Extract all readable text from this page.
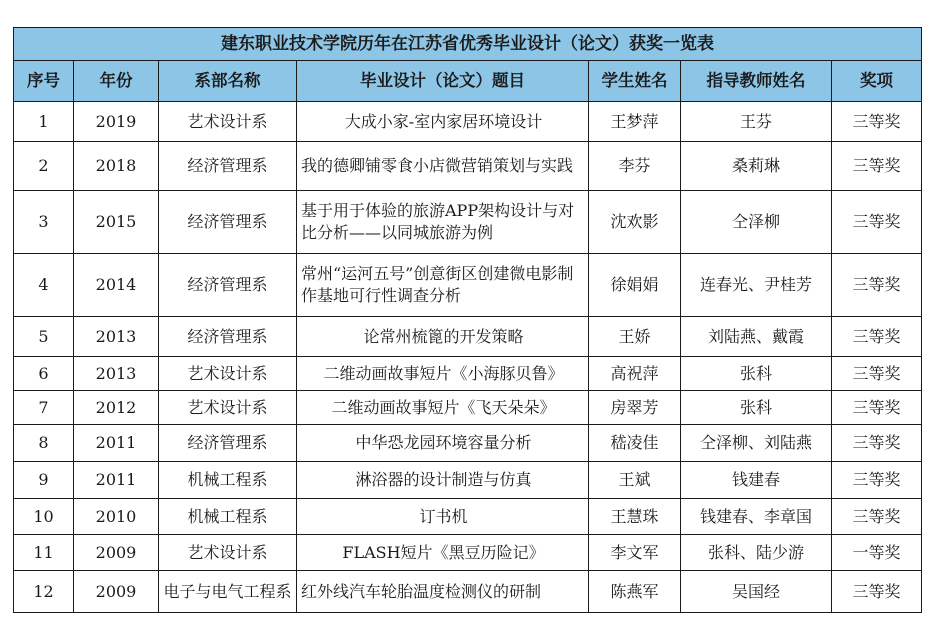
建东职业技术学院历年在江苏省优秀毕业设计（论文）获奖一览表						
序号	年份	系部名称	毕业设计（论文）题目	学生姓名	指导教师姓名	奖项
1	2019	艺术设计系	大成小家-室内家居环境设计	王梦萍	王芬	三等奖
2	2018	经济管理系	我的德卿铺零食小店微营销策划与实践	李芬	桑莉琳	三等奖
3	2015	经济管理系	基于用于体验的旅游APP架构设计与对比分析——以同城旅游为例	沈欢影	仝泽柳	三等奖
4	2014	经济管理系	常州“运河五号”创意街区创建微电影制作基地可行性调查分析	徐娟娟	连春光、尹桂芳	三等奖
5	2013	经济管理系	论常州梳篦的开发策略	王娇	刘陆燕、戴霞	三等奖
6	2013	艺术设计系	二维动画故事短片《小海豚贝鲁》	高祝萍	张科	三等奖
7	2012	艺术设计系	二维动画故事短片《飞天朵朵》	房翠芳	张科	三等奖
8	2011	经济管理系	中华恐龙园环境容量分析	嵇凌佳	仝泽柳、刘陆燕	三等奖
9	2011	机械工程系	淋浴器的设计制造与仿真	王斌	钱建春	三等奖
10	2010	机械工程系	订书机	王慧珠	钱建春、李章国	三等奖
11	2009	艺术设计系	FLASH短片《黑豆历险记》	李文军	张科、陆少游	一等奖
12	2009	电子与电气工程系	红外线汽车轮胎温度检测仪的研制	陈燕军	吴国经	三等奖
